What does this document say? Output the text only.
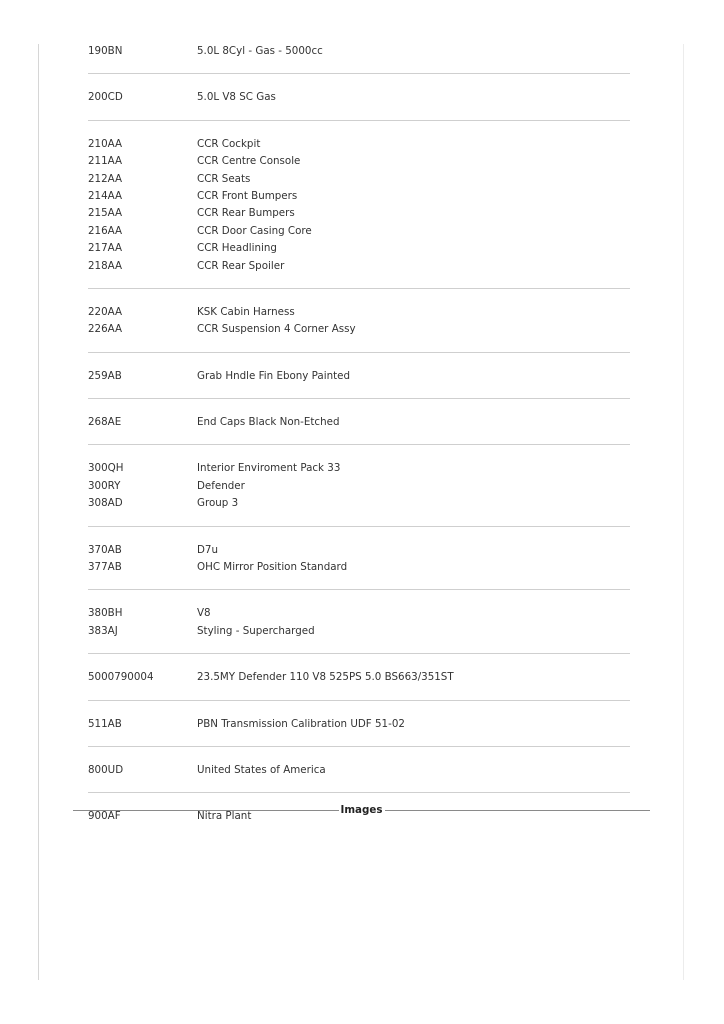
190BN	5.0L 8Cyl - Gas - 5000cc
200CD	5.0L V8 SC Gas
210AA	CCR Cockpit
211AA	CCR Centre Console
212AA	CCR Seats
214AA	CCR Front Bumpers
215AA	CCR Rear Bumpers
216AA	CCR Door Casing Core
217AA	CCR Headlining
218AA	CCR Rear Spoiler
220AA	KSK Cabin Harness
226AA	CCR Suspension 4 Corner Assy
259AB	Grab Hndle Fin Ebony Painted
268AE	End Caps Black Non-Etched
300QH	Interior Enviroment Pack 33
300RY	Defender
308AD	Group 3
370AB	D7u
377AB	OHC Mirror Position Standard
380BH	V8
383AJ	Styling - Supercharged
5000790004	23.5MY Defender 110 V8 525PS 5.0 BS663/351ST
511AB	PBN Transmission Calibration UDF 51-02
800UD	United States of America
900AF	Nitra Plant
Images
